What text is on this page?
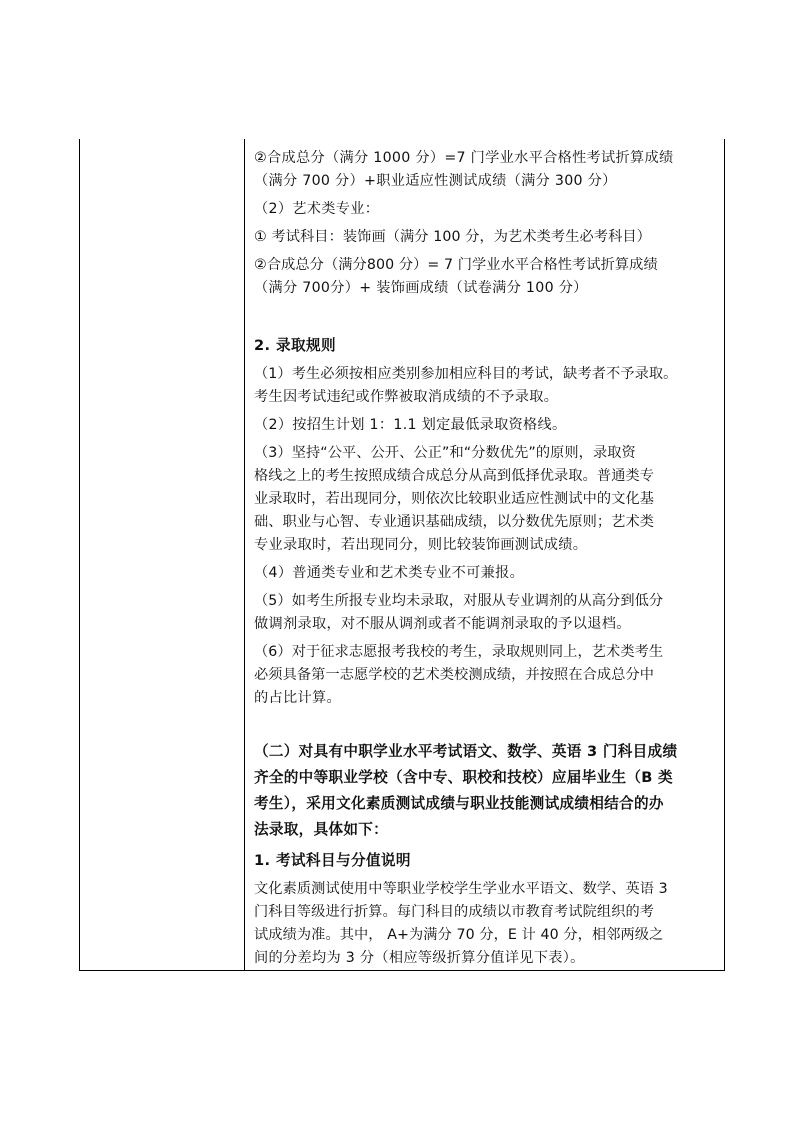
②合成总分（满分 1000 分）=7 门学业水平合格性考试折算成绩
（满分 700 分）+职业适应性测试成绩（满分 300 分）
（2）艺术类专业：
① 考试科目：装饰画（满分 100 分，为艺术类考生必考科目）
②合成总分（满分800 分）= 7 门学业水平合格性考试折算成绩
（满分 700分）+ 装饰画成绩（试卷满分 100 分）
2. 录取规则
（1）考生必须按相应类别参加相应科目的考试，缺考者不予录取。
考生因考试违纪或作弊被取消成绩的不予录取。
（2）按招生计划 1：1.1 划定最低录取资格线。
（3）坚持“公平、公开、公正”和“分数优先”的原则，录取资
格线之上的考生按照成绩合成总分从高到低择优录取。普通类专
业录取时，若出现同分，则依次比较职业适应性测试中的文化基
础、职业与心智、专业通识基础成绩，以分数优先原则；艺术类
专业录取时，若出现同分，则比较装饰画测试成绩。
（4）普通类专业和艺术类专业不可兼报。
（5）如考生所报专业均未录取，对服从专业调剂的从高分到低分
做调剂录取，对不服从调剂或者不能调剂录取的予以退档。
（6）对于征求志愿报考我校的考生，录取规则同上，艺术类考生
必须具备第一志愿学校的艺术类校测成绩，并按照在合成总分中
的占比计算。
（二）对具有中职学业水平考试语文、数学、英语 3 门科目成绩
齐全的中等职业学校（含中专、职校和技校）应届毕业生（B 类
考生），采用文化素质测试成绩与职业技能测试成绩相结合的办
法录取，具体如下：
1. 考试科目与分值说明
文化素质测试使用中等职业学校学生学业水平语文、数学、英语 3
门科目等级进行折算。每门科目的成绩以市教育考试院组织的考
试成绩为准。其中， A+为满分 70 分，E 计 40 分，相邻两级之
间的分差均为 3 分（相应等级折算分值详见下表）。
